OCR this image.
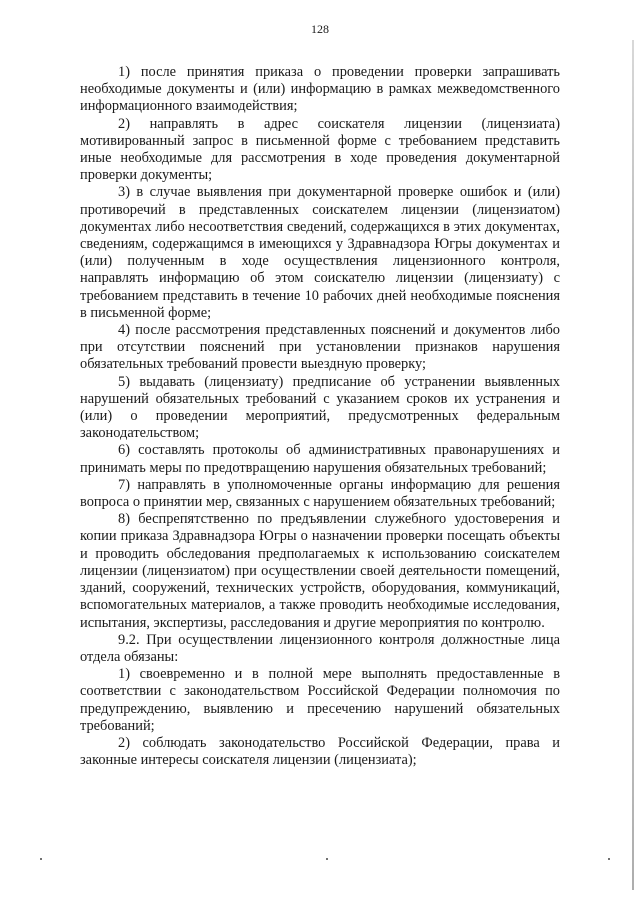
128

1) после принятия приказа о проведении проверки запрашивать необходимые документы и (или) информацию в рамках межведомственного информационного взаимодействия;

2) направлять в адрес соискателя лицензии (лицензиата) мотивированный запрос в письменной форме с требованием представить иные необходимые для рассмотрения в ходе проведения документарной проверки документы;

3) в случае выявления при документарной проверке ошибок и (или) противоречий в представленных соискателем лицензии (лицензиатом) документах либо несоответствия сведений, содержащихся в этих документах, сведениям, содержащимся в имеющихся у Здравнадзора Югры документах и (или) полученным в ходе осуществления лицензионного контроля, направлять информацию об этом соискателю лицензии (лицензиату) с требованием представить в течение 10 рабочих дней необходимые пояснения в письменной форме;

4) после рассмотрения представленных пояснений и документов либо при отсутствии пояснений при установлении признаков нарушения обязательных требований провести выездную проверку;

5) выдавать (лицензиату) предписание об устранении выявленных нарушений обязательных требований с указанием сроков их устранения и (или) о проведении мероприятий, предусмотренных федеральным законодательством;

6) составлять протоколы об административных правонарушениях и принимать меры по предотвращению нарушения обязательных требований;

7) направлять в уполномоченные органы информацию для решения вопроса о принятии мер, связанных с нарушением обязательных требований;

8) беспрепятственно по предъявлении служебного удостоверения и копии приказа Здравнадзора Югры о назначении проверки посещать объекты и проводить обследования предполагаемых к использованию соискателем лицензии (лицензиатом) при осуществлении своей деятельности помещений, зданий, сооружений, технических устройств, оборудования, коммуникаций, вспомогательных материалов, а также проводить необходимые исследования, испытания, экспертизы, расследования и другие мероприятия по контролю.

9.2. При осуществлении лицензионного контроля должностные лица отдела обязаны:

1) своевременно и в полной мере выполнять предоставленные в соответствии с законодательством Российской Федерации полномочия по предупреждению, выявлению и пресечению нарушений обязательных требований;

2) соблюдать законодательство Российской Федерации, права и законные интересы соискателя лицензии (лицензиата);
